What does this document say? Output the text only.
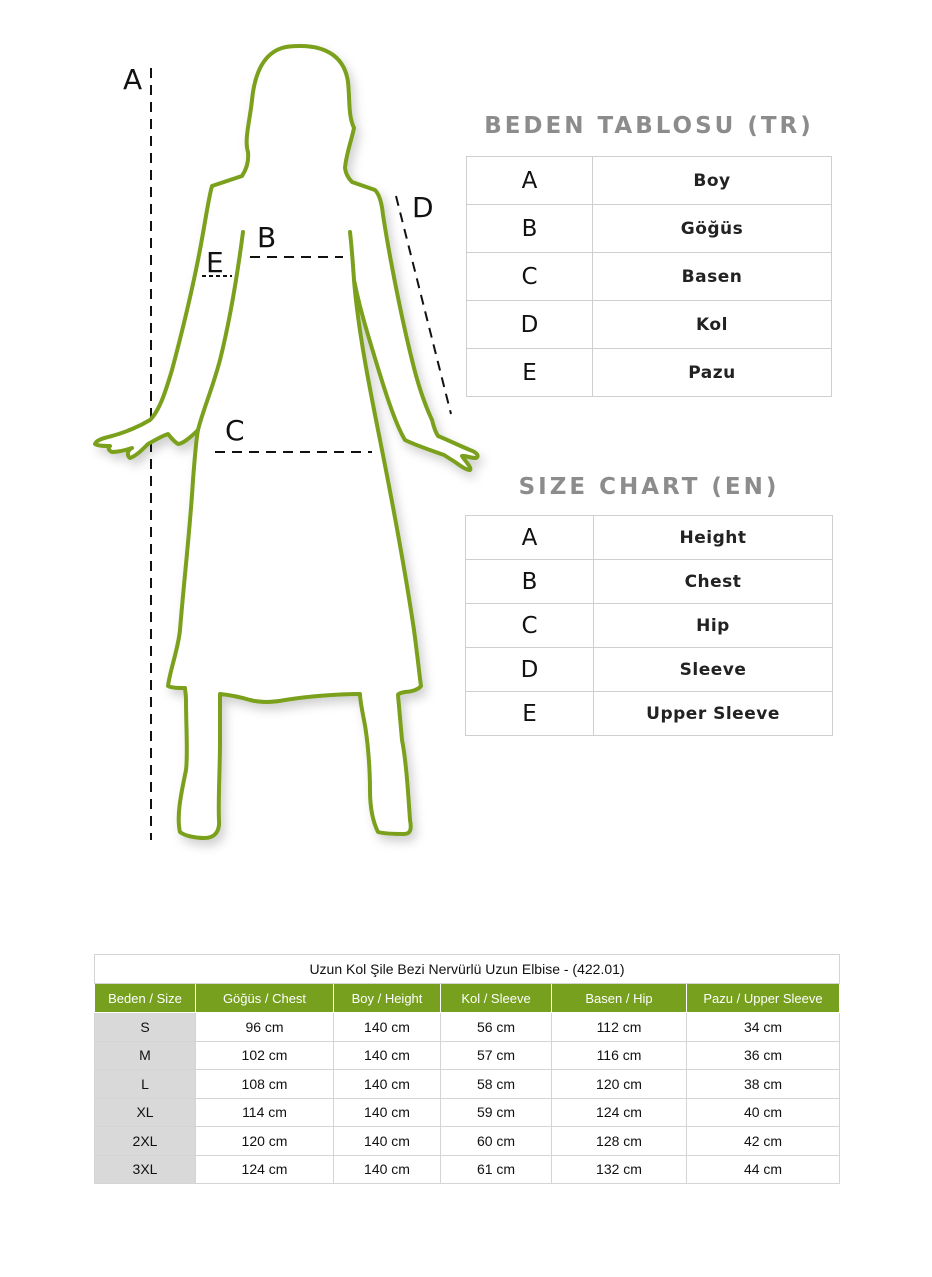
A
B
E
C
D
BEDEN TABLOSU (TR)
A	Boy
B	Göğüs
C	Basen
D	Kol
E	Pazu
SIZE CHART (EN)
A	Height
B	Chest
C	Hip
D	Sleeve
E	Upper Sleeve
Uzun Kol Şile Bezi Nervürlü Uzun Elbise - (422.01)					
Beden / Size	Göğüs / Chest	Boy / Height	Kol / Sleeve	Basen / Hip	Pazu / Upper Sleeve
S	96 cm	140 cm	56 cm	112 cm	34 cm
M	102 cm	140 cm	57 cm	116 cm	36 cm
L	108 cm	140 cm	58 cm	120 cm	38 cm
XL	114 cm	140 cm	59 cm	124 cm	40 cm
2XL	120 cm	140 cm	60 cm	128 cm	42 cm
3XL	124 cm	140 cm	61 cm	132 cm	44 cm
